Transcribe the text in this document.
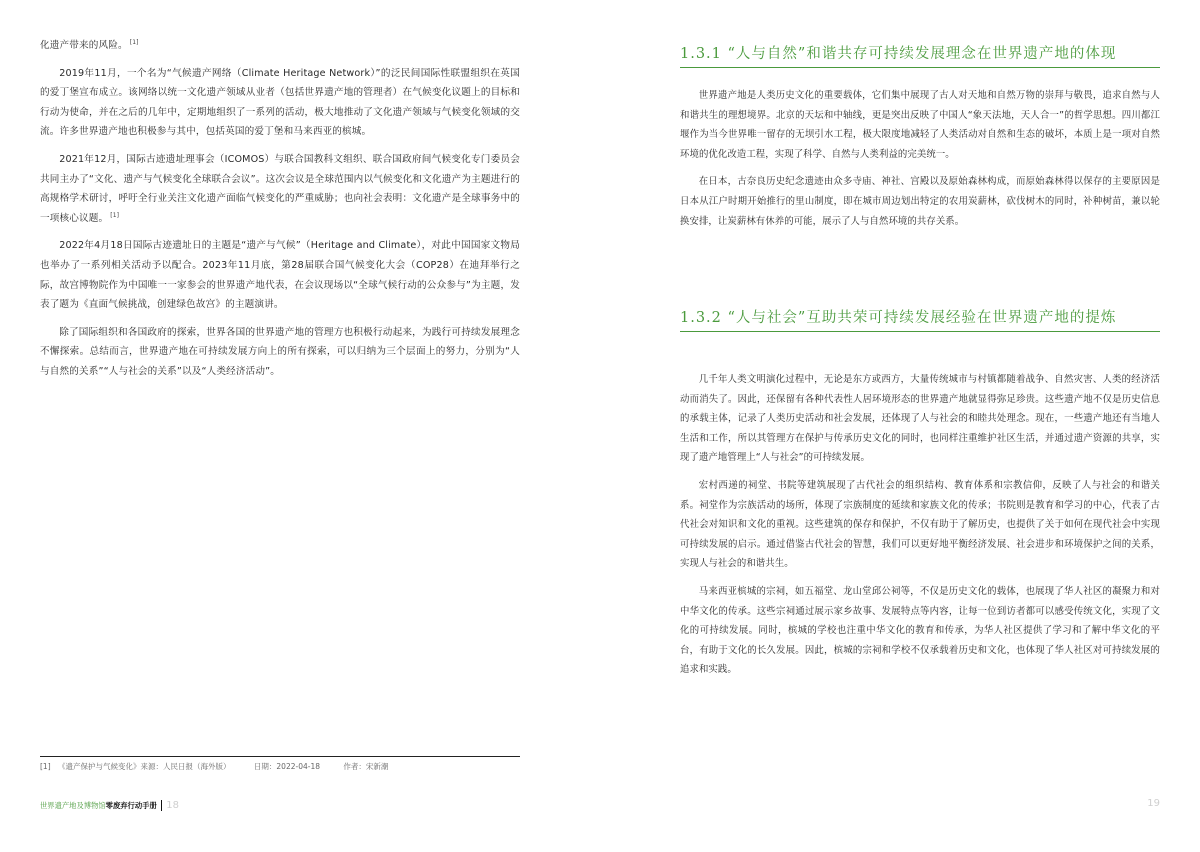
化遗产带来的风险。 [1]

2019年11月，一个名为“气候遗产网络（Climate Heritage Network）”的泛民间国际性联盟组织在英国的爱丁堡宣布成立。该网络以统一文化遗产领域从业者（包括世界遗产地的管理者）在气候变化议题上的目标和行动为使命，并在之后的几年中，定期地组织了一系列的活动，极大地推动了文化遗产领域与气候变化领域的交流。许多世界遗产地也积极参与其中，包括英国的爱丁堡和马来西亚的槟城。

2021年12月，国际古迹遗址理事会（ICOMOS）与联合国教科文组织、联合国政府间气候变化专门委员会共同主办了“文化、遗产与气候变化全球联合会议”。这次会议是全球范围内以气候变化和文化遗产为主题进行的高规格学术研讨，呼吁全行业关注文化遗产面临气候变化的严重威胁；也向社会表明：文化遗产是全球事务中的一项核心议题。 [1]

2022年4月18日国际古迹遗址日的主题是“遗产与气候”（Heritage and Climate），对此中国国家文物局也举办了一系列相关活动予以配合。2023年11月底，第28届联合国气候变化大会（COP28）在迪拜举行之际，故宫博物院作为中国唯一一家参会的世界遗产地代表，在会议现场以“全球气候行动的公众参与”为主题，发表了题为《直面气候挑战，创建绿色故宫》的主题演讲。

除了国际组织和各国政府的探索，世界各国的世界遗产地的管理方也积极行动起来，为践行可持续发展理念不懈探索。总结而言，世界遗产地在可持续发展方向上的所有探索，可以归纳为三个层面上的努力，分别为“人与自然的关系”“人与社会的关系”以及“人类经济活动”。

[1] 《遗产保护与气候变化》来源：人民日报（海外版）	日期：2022-04-18	作者：宋新潮
世界遗产地及博物馆 零废弃行动手册 18
1.3.1 “人与自然”和谐共存可持续发展理念在世界遗产地的体现

世界遗产地是人类历史文化的重要载体，它们集中展现了古人对天地和自然万物的崇拜与敬畏，追求自然与人和谐共生的理想境界。北京的天坛和中轴线，更是突出反映了中国人“象天法地，天人合一”的哲学思想。四川都江堰作为当今世界唯一留存的无坝引水工程，极大限度地减轻了人类活动对自然和生态的破坏，本质上是一项对自然环境的优化改造工程，实现了科学、自然与人类利益的完美统一。

在日本，古奈良历史纪念遗迹由众多寺庙、神社、宫殿以及原始森林构成，而原始森林得以保存的主要原因是日本从江户时期开始推行的里山制度，即在城市周边划出特定的农用炭薪林，砍伐树木的同时，补种树苗，兼以轮换安排，让炭薪林有休养的可能，展示了人与自然环境的共存关系。

1.3.2 “人与社会”互助共荣可持续发展经验在世界遗产地的提炼

几千年人类文明演化过程中，无论是东方或西方，大量传统城市与村镇都随着战争、自然灾害、人类的经济活动而消失了。因此，还保留有各种代表性人居环境形态的世界遗产地就显得弥足珍贵。这些遗产地不仅是历史信息的承载主体，记录了人类历史活动和社会发展，还体现了人与社会的和睦共处理念。现在，一些遗产地还有当地人生活和工作，所以其管理方在保护与传承历史文化的同时，也同样注重维护社区生活，并通过遗产资源的共享，实现了遗产地管理上“人与社会”的可持续发展。

宏村西递的祠堂、书院等建筑展现了古代社会的组织结构、教育体系和宗教信仰，反映了人与社会的和谐关系。祠堂作为宗族活动的场所，体现了宗族制度的延续和家族文化的传承；书院则是教育和学习的中心，代表了古代社会对知识和文化的重视。这些建筑的保存和保护，不仅有助于了解历史，也提供了关于如何在现代社会中实现可持续发展的启示。通过借鉴古代社会的智慧，我们可以更好地平衡经济发展、社会进步和环境保护之间的关系，实现人与社会的和谐共生。

马来西亚槟城的宗祠，如五福堂、龙山堂邱公祠等，不仅是历史文化的载体，也展现了华人社区的凝聚力和对中华文化的传承。这些宗祠通过展示家乡故事、发展特点等内容，让每一位到访者都可以感受传统文化，实现了文化的可持续发展。同时，槟城的学校也注重中华文化的教育和传承，为华人社区提供了学习和了解中华文化的平台，有助于文化的长久发展。因此，槟城的宗祠和学校不仅承载着历史和文化，也体现了华人社区对可持续发展的追求和实践。

19
